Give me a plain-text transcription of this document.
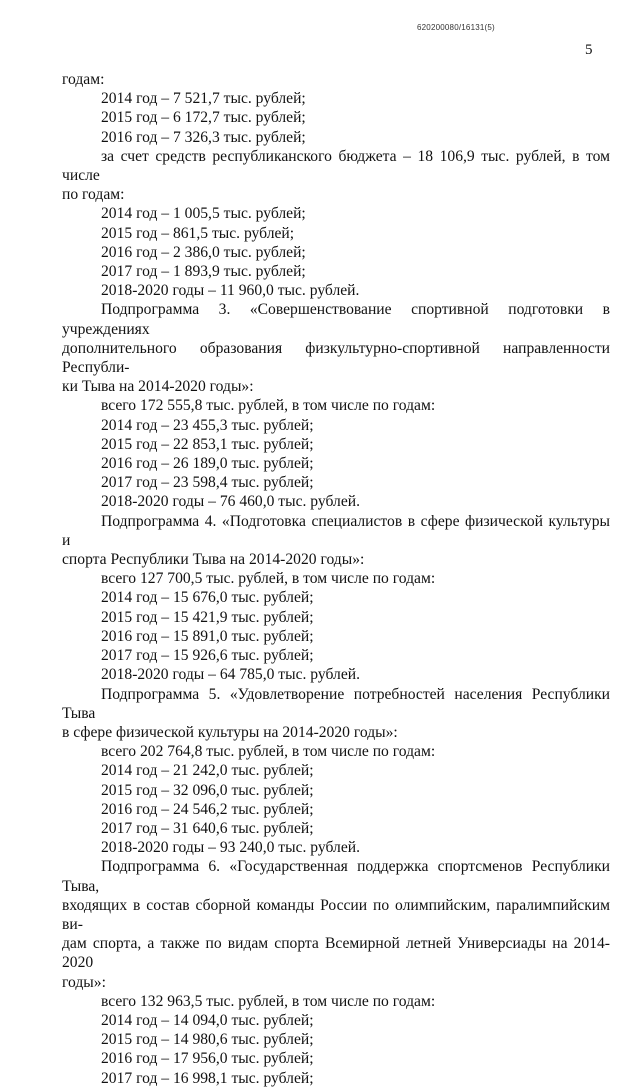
620200080/16131(5)
5

годам:

2014 год – 7 521,7 тыс. рублей;

2015 год – 6 172,7 тыс. рублей;

2016 год – 7 326,3 тыс. рублей;

за счет средств республиканского бюджета – 18 106,9 тыс. рублей, в том числе

по годам:

2014 год – 1 005,5 тыс. рублей;

2015 год – 861,5 тыс. рублей;

2016 год – 2 386,0 тыс. рублей;

2017 год – 1 893,9 тыс. рублей;

2018-2020 годы – 11 960,0 тыс. рублей.

Подпрограмма 3. «Совершенствование спортивной подготовки в учреждениях

дополнительного образования физкультурно-спортивной направленности Республи-

ки Тыва на 2014-2020 годы»:

всего 172 555,8 тыс. рублей, в том числе по годам:

2014 год – 23 455,3 тыс. рублей;

2015 год – 22 853,1 тыс. рублей;

2016 год – 26 189,0 тыс. рублей;

2017 год – 23 598,4 тыс. рублей;

2018-2020 годы – 76 460,0 тыс. рублей.

Подпрограмма 4. «Подготовка специалистов в сфере физической культуры и

спорта Республики Тыва на 2014-2020 годы»:

всего 127 700,5 тыс. рублей, в том числе по годам:

2014 год – 15 676,0 тыс. рублей;

2015 год – 15 421,9 тыс. рублей;

2016 год – 15 891,0 тыс. рублей;

2017 год – 15 926,6 тыс. рублей;

2018-2020 годы – 64 785,0 тыс. рублей.

Подпрограмма 5. «Удовлетворение потребностей населения Республики Тыва

в сфере физической культуры на 2014-2020 годы»:

всего 202 764,8 тыс. рублей, в том числе по годам:

2014 год – 21 242,0 тыс. рублей;

2015 год – 32 096,0 тыс. рублей;

2016 год – 24 546,2 тыс. рублей;

2017 год – 31 640,6 тыс. рублей;

2018-2020 годы – 93 240,0 тыс. рублей.

Подпрограмма 6. «Государственная поддержка спортсменов Республики Тыва,

входящих в состав сборной команды России по олимпийским, паралимпийским ви-

дам спорта, а также по видам спорта Всемирной летней Универсиады на 2014-2020

годы»:

всего 132 963,5 тыс. рублей, в том числе по годам:

2014 год – 14 094,0 тыс. рублей;

2015 год – 14 980,6 тыс. рублей;

2016 год – 17 956,0 тыс. рублей;

2017 год – 16 998,1 тыс. рублей;
